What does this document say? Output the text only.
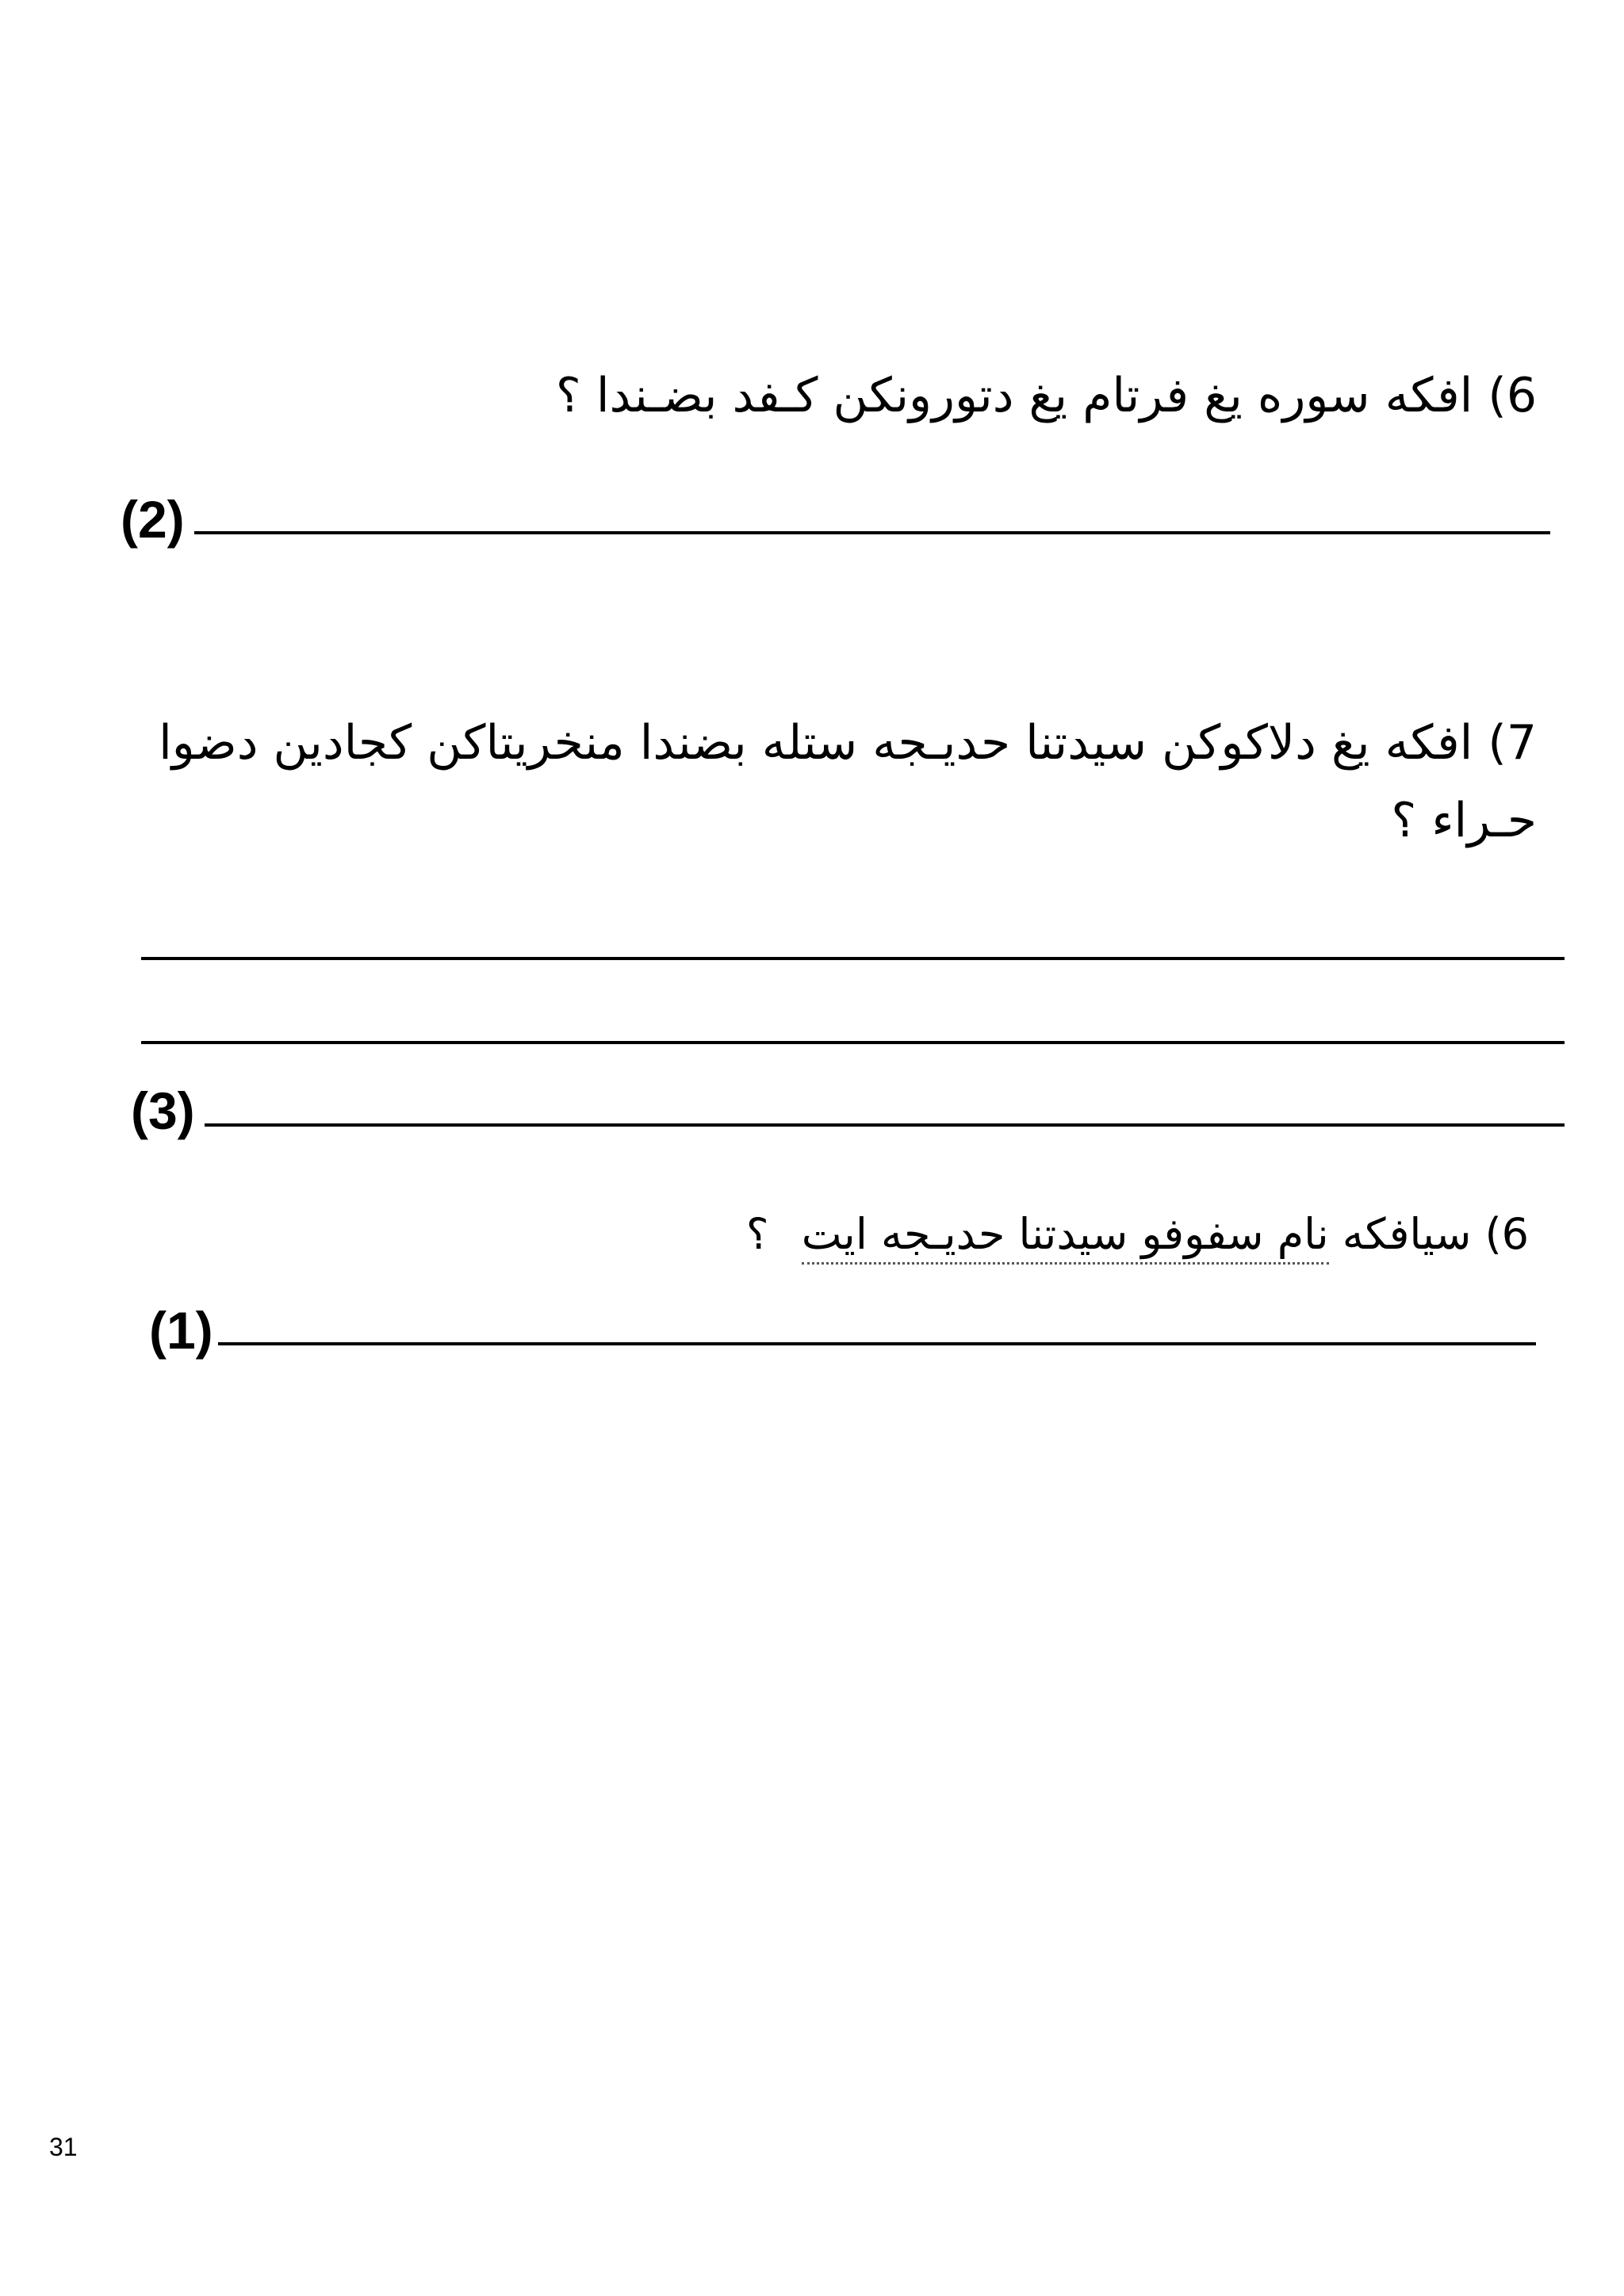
6) افكه سوره يغ فرتام يغ دتورونكن كـفد بضـندا ؟
(2)
7) افكه يغ دلاكوكن سيدتنا حديـجه ستله بضندا منخريتاكن كجادين دضوا
حـراء ؟
(3)
6) سيافكه نام سفوفو سيدتنا حديـجه ايت ؟
(1)
31
